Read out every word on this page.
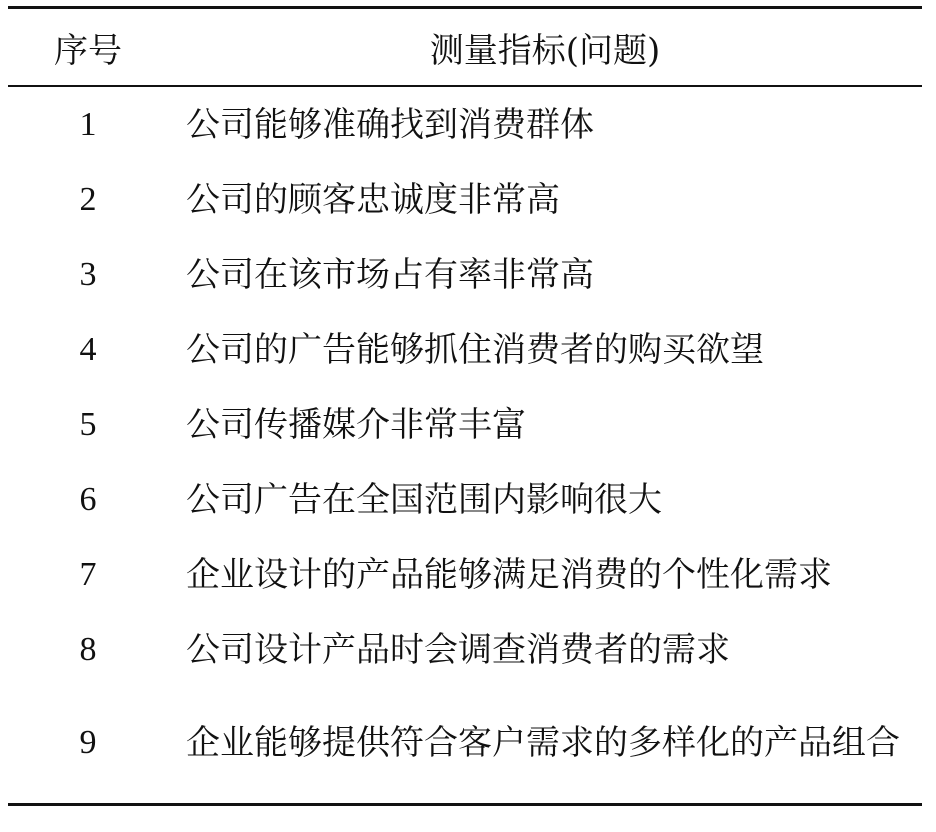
序号	测量指标(问题)
1	公司能够准确找到消费群体
2	公司的顾客忠诚度非常高
3	公司在该市场占有率非常高
4	公司的广告能够抓住消费者的购买欲望
5	公司传播媒介非常丰富
6	公司广告在全国范围内影响很大
7	企业设计的产品能够满足消费的个性化需求
8	公司设计产品时会调查消费者的需求
9	企业能够提供符合客户需求的多样化的产品组合
